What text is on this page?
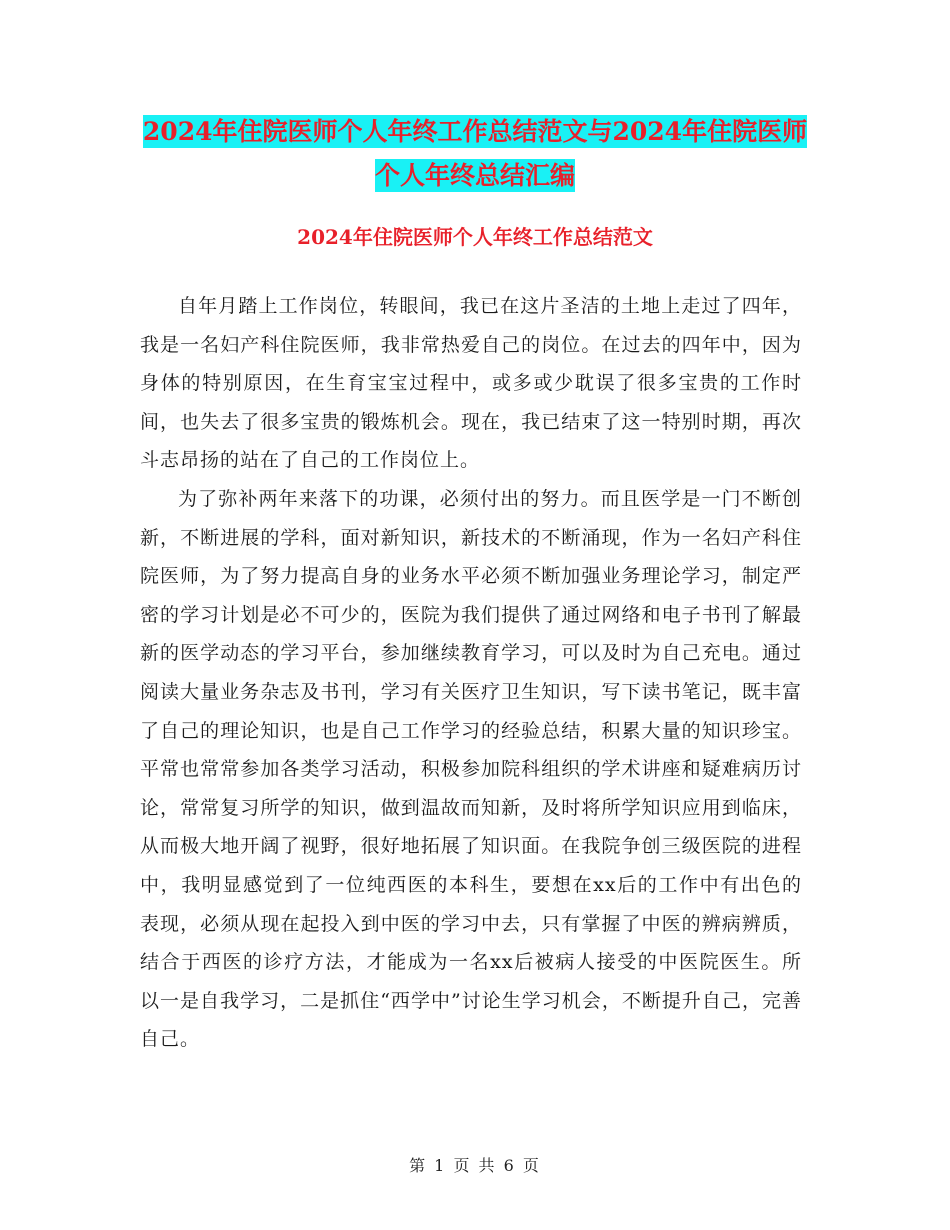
2024年住院医师个人年终工作总结范文与2024年住院医师个人年终总结汇编
2024年住院医师个人年终工作总结范文

自年月踏上工作岗位，转眼间，我已在这片圣洁的土地上走过了四年，我是一名妇产科住院医师，我非常热爱自己的岗位。在过去的四年中，因为身体的特别原因，在生育宝宝过程中，或多或少耽误了很多宝贵的工作时间，也失去了很多宝贵的锻炼机会。现在，我已结束了这一特别时期，再次斗志昂扬的站在了自己的工作岗位上。

为了弥补两年来落下的功课，必须付出的努力。而且医学是一门不断创新，不断进展的学科，面对新知识，新技术的不断涌现，作为一名妇产科住院医师，为了努力提高自身的业务水平必须不断加强业务理论学习，制定严密的学习计划是必不可少的，医院为我们提供了通过网络和电子书刊了解最新的医学动态的学习平台，参加继续教育学习，可以及时为自己充电。通过阅读大量业务杂志及书刊，学习有关医疗卫生知识，写下读书笔记，既丰富了自己的理论知识，也是自己工作学习的经验总结，积累大量的知识珍宝。平常也常常参加各类学习活动，积极参加院科组织的学术讲座和疑难病历讨论，常常复习所学的知识，做到温故而知新，及时将所学知识应用到临床，从而极大地开阔了视野，很好地拓展了知识面。在我院争创三级医院的进程中，我明显感觉到了一位纯西医的本科生，要想在xx后的工作中有出色的表现，必须从现在起投入到中医的学习中去，只有掌握了中医的辨病辨质，结合于西医的诊疗方法，才能成为一名xx后被病人接受的中医院医生。所以一是自我学习，二是抓住“西学中”讨论生学习机会，不断提升自己，完善自己。

第 1 页 共 6 页
